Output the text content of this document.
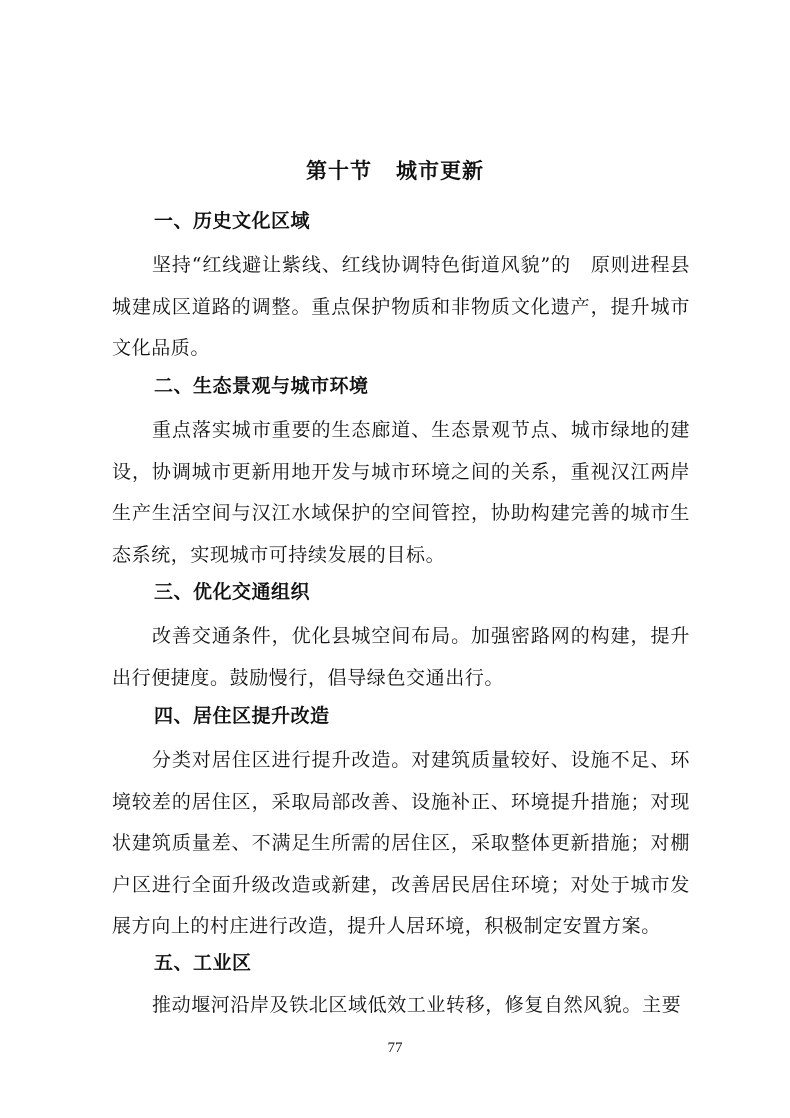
第十节 城市更新
一、历史文化区域
坚持“红线避让紫线、红线协调特色街道风貌”的　原则进程县城建成区道路的调整。重点保护物质和非物质文化遗产，提升城市文化品质。
二、生态景观与城市环境
重点落实城市重要的生态廊道、生态景观节点、城市绿地的建设，协调城市更新用地开发与城市环境之间的关系，重视汉江两岸生产生活空间与汉江水域保护的空间管控，协助构建完善的城市生态系统，实现城市可持续发展的目标。
三、优化交通组织
改善交通条件，优化县城空间布局。加强密路网的构建，提升出行便捷度。鼓励慢行，倡导绿色交通出行。
四、居住区提升改造
分类对居住区进行提升改造。对建筑质量较好、设施不足、环境较差的居住区，采取局部改善、设施补正、环境提升措施；对现状建筑质量差、不满足生所需的居住区，采取整体更新措施；对棚户区进行全面升级改造或新建，改善居民居住环境；对处于城市发展方向上的村庄进行改造，提升人居环境，积极制定安置方案。
五、工业区
推动堰河沿岸及铁北区域低效工业转移，修复自然风貌。主要
77
